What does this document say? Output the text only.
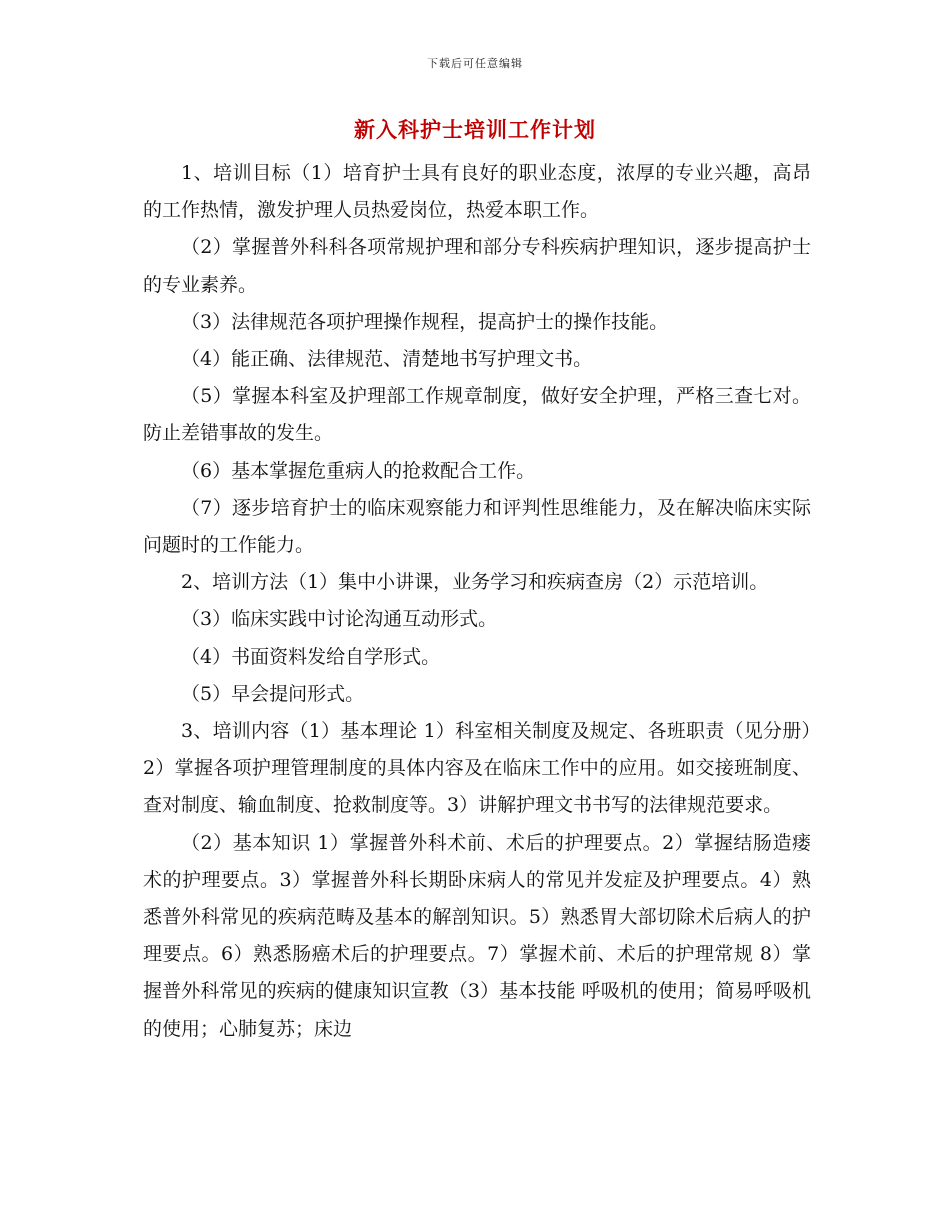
下载后可任意编辑
新入科护士培训工作计划

1、培训目标（1）培育护士具有良好的职业态度，浓厚的专业兴趣，高昂的工作热情，激发护理人员热爱岗位，热爱本职工作。

（2）掌握普外科科各项常规护理和部分专科疾病护理知识，逐步提高护士的专业素养。

（3）法律规范各项护理操作规程，提高护士的操作技能。

（4）能正确、法律规范、清楚地书写护理文书。

（5）掌握本科室及护理部工作规章制度，做好安全护理，严格三查七对。防止差错事故的发生。

（6）基本掌握危重病人的抢救配合工作。

（7）逐步培育护士的临床观察能力和评判性思维能力，及在解决临床实际问题时的工作能力。

2、培训方法（1）集中小讲课，业务学习和疾病查房（2）示范培训。

（3）临床实践中讨论沟通互动形式。

（4）书面资料发给自学形式。

（5）早会提问形式。

3、培训内容（1）基本理论 1）科室相关制度及规定、各班职责（见分册）2）掌握各项护理管理制度的具体内容及在临床工作中的应用。如交接班制度、查对制度、输血制度、抢救制度等。3）讲解护理文书书写的法律规范要求。

（2）基本知识 1）掌握普外科术前、术后的护理要点。2）掌握结肠造瘘术的护理要点。3）掌握普外科长期卧床病人的常见并发症及护理要点。4）熟悉普外科常见的疾病范畴及基本的解剖知识。5）熟悉胃大部切除术后病人的护理要点。6）熟悉肠癌术后的护理要点。7）掌握术前、术后的护理常规 8）掌握普外科常见的疾病的健康知识宣教（3）基本技能 呼吸机的使用；简易呼吸机的使用；心肺复苏；床边
